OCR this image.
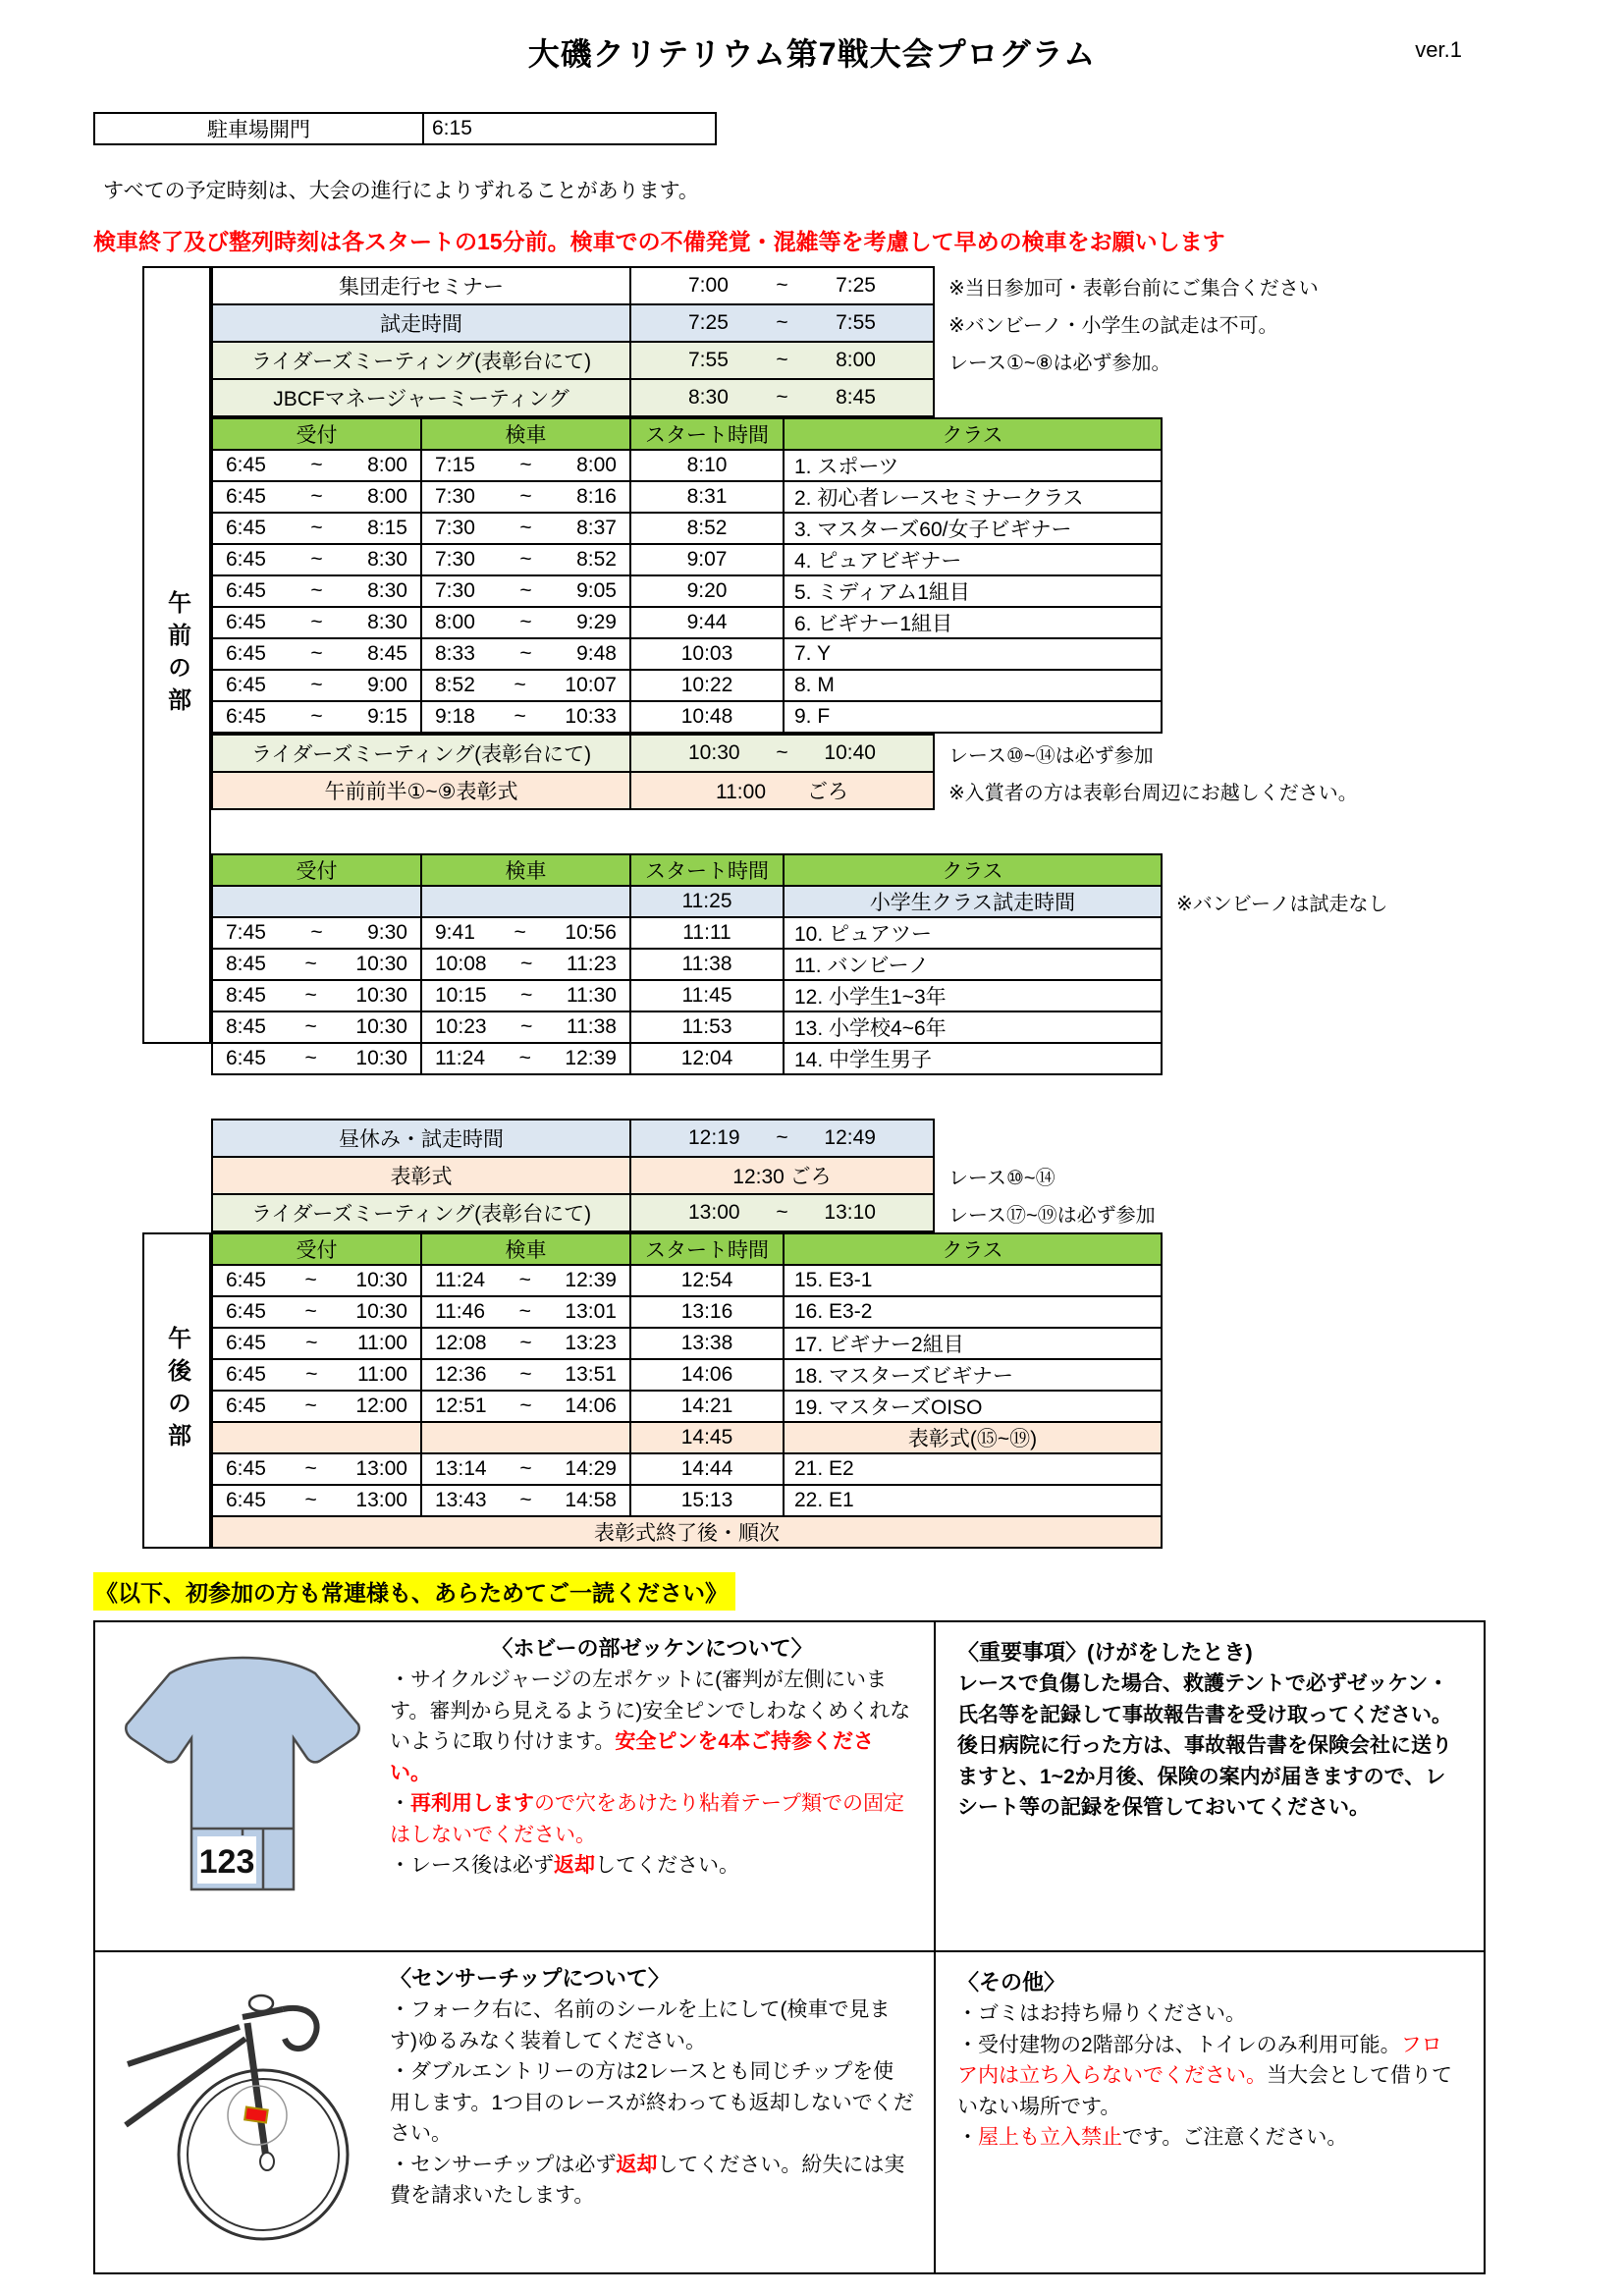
大磯クリテリウム第7戦大会プログラム	ver.1
駐車場開門	6:15
すべての予定時刻は、大会の進行によりずれることがあります。
検車終了及び整列時刻は各スタートの15分前。検車での不備発覚・混雑等を考慮して早めの検車をお願いします
午前の部
集団走行セミナー	7:00 ~ 7:25	※当日参加可・表彰台前にご集合ください
試走時間	7:25 ~ 7:55	※バンビーノ・小学生の試走は不可。
ライダーズミーティング(表彰台にて)	7:55 ~ 8:00	レース①~⑧は必ず参加。
JBCFマネージャーミーティング	8:30 ~ 8:45	

受付	検車	スタート時間	クラス	

6:45 ~ 8:00	7:15 ~ 8:00	8:10	1. スポーツ	

6:45 ~ 8:00	7:30 ~ 8:16	8:31	2. 初心者レースセミナークラス	

6:45 ~ 8:15	7:30 ~ 8:37	8:52	3. マスターズ60/女子ビギナー	

6:45 ~ 8:30	7:30 ~ 8:52	9:07	4. ピュアビギナー	

6:45 ~ 8:30	7:30 ~ 9:05	9:20	5. ミディアム1組目	

6:45 ~ 8:30	8:00 ~ 9:29	9:44	6. ビギナー1組目	

6:45 ~ 8:45	8:33 ~ 9:48	10:03	7. Y	

6:45 ~ 9:00	8:52 ~ 10:07	10:22	8. M	

6:45 ~ 9:15	9:18 ~ 10:33	10:48	9. F	
ライダーズミーティング(表彰台にて)	10:30 ~ 10:40	レース⑩~⑭は必ず参加
午前前半①~⑨表彰式	11:00　　ごろ	※入賞者の方は表彰台周辺にお越しください。
受付	検車	スタート時間	クラス	
		11:25	小学生クラス試走時間	※バンビーノは試走なし

7:45 ~ 9:30	9:41 ~ 10:56	11:11	10. ピュアツー	

8:45 ~ 10:30	10:08 ~ 11:23	11:38	11. バンビーノ	

8:45 ~ 10:30	10:15 ~ 11:30	11:45	12. 小学生1~3年	

8:45 ~ 10:30	10:23 ~ 11:38	11:53	13. 小学校4~6年	

6:45 ~ 10:30	11:24 ~ 12:39	12:04	14. 中学生男子	
昼休み・試走時間	12:19 ~ 12:49	

表彰式	12:30 ごろ	レース⑩~⑭
ライダーズミーティング(表彰台にて)	13:00 ~ 13:10	レース⑰~⑲は必ず参加
午後の部
受付	検車	スタート時間	クラス	

6:45 ~ 10:30	11:24 ~ 12:39	12:54	15. E3-1	

6:45 ~ 10:30	11:46 ~ 13:01	13:16	16. E3-2	

6:45 ~ 11:00	12:08 ~ 13:23	13:38	17. ビギナー2組目	

6:45 ~ 11:00	12:36 ~ 13:51	14:06	18. マスターズビギナー	

6:45 ~ 12:00	12:51 ~ 14:06	14:21	19. マスターズOISO	
		14:45	表彰式(⑮~⑲)	

6:45 ~ 13:00	13:14 ~ 14:29	14:44	21. E2	

6:45 ~ 13:00	13:43 ~ 14:58	15:13	22. E1	
表彰式終了後・順次				
《以下、初参加の方も常連様も、あらためてご一読ください》
123

〈ホビーの部ゼッケンについて〉

・サイクルジャージの左ポケットに(審判が左側にいます。審判から見えるように)安全ピンでしわなくめくれないように取り付けます。安全ピンを4本ご持参ください。

・再利用しますので穴をあけたり粘着テープ類での固定はしないでください。

・レース後は必ず返却してください。

〈重要事項〉(けがをしたとき)

レースで負傷した場合、救護テントで必ずゼッケン・氏名等を記録して事故報告書を受け取ってください。

後日病院に行った方は、事故報告書を保険会社に送りますと、1~2か月後、保険の案内が届きますので、レシート等の記録を保管しておいてください。

〈センサーチップについて〉

・フォーク右に、名前のシールを上にして(検車で見ます)ゆるみなく装着してください。

・ダブルエントリーの方は2レースとも同じチップを使用します。1つ目のレースが終わっても返却しないでください。

・センサーチップは必ず返却してください。紛失には実費を請求いたします。

〈その他〉

・ゴミはお持ち帰りください。

・受付建物の2階部分は、トイレのみ利用可能。フロア内は立ち入らないでください。当大会として借りていない場所です。

・屋上も立入禁止です。ご注意ください。
